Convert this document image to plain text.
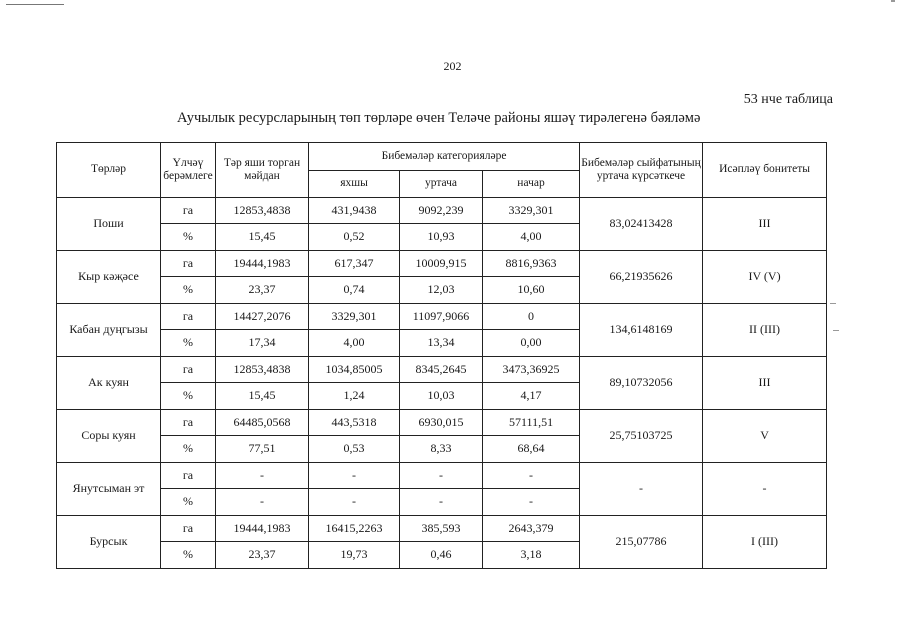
202
53 нче таблица
Аучылык ресурсларының төп төрләре өчен Теләче районы яшәү тирәлегенә бәяләмә
Төрләр	Үлчәү берәмлеге	Тәр яши торган мәйдан	Бибемәләр категорияләре			Бибемәләр сыйфатының уртача күрсәткече	Исәпләү бонитеты
			яхшы	уртача	начар		
Поши	га	12853,4838	431,9438	9092,239	3329,301	83,02413428	III
	%	15,45	0,52	10,93	4,00		
Кыр кәҗәсе	га	19444,1983	617,347	10009,915	8816,9363	66,21935626	IV (V)
	%	23,37	0,74	12,03	10,60		
Кабан дуңгызы	га	14427,2076	3329,301	11097,9066	0	134,6148169	II (III)
	%	17,34	4,00	13,34	0,00		
Ак куян	га	12853,4838	1034,85005	8345,2645	3473,36925	89,10732056	III
	%	15,45	1,24	10,03	4,17		
Соры куян	га	64485,0568	443,5318	6930,015	57111,51	25,75103725	V
	%	77,51	0,53	8,33	68,64		
Янутсыман эт	га	-	-	-	-	-	-
	%	-	-	-	-		
Бурсык	га	19444,1983	16415,2263	385,593	2643,379	215,07786	I (III)
	%	23,37	19,73	0,46	3,18		
